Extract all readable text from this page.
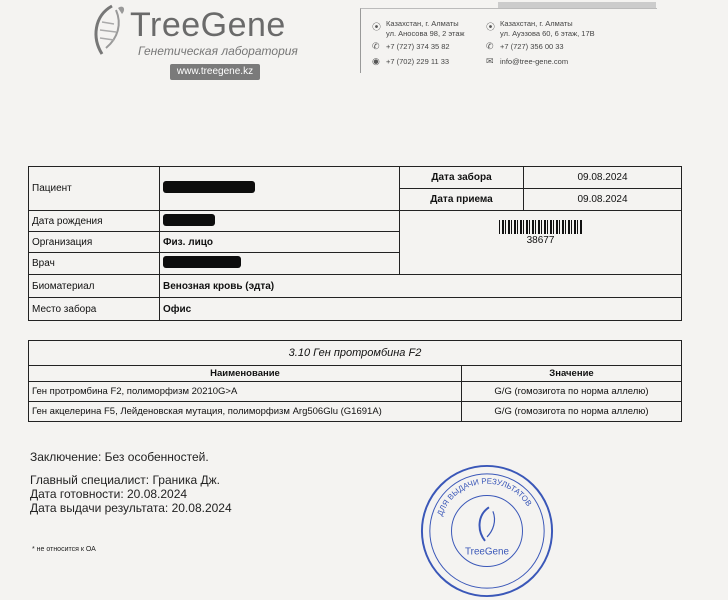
TreeGene
Генетическая лаборатория
www.treegene.kz
⦿ Казахстан, г. Алматы
ул. Аносова 98, 2 этаж
✆ +7 (727) 374 35 82
◉ +7 (702) 229 11 33
⦿ Казахстан, г. Алматы
ул. Ауэзова 60, 6 этаж, 17В
✆ +7 (727) 356 00 33
✉ info@tree-gene.com
Пациент		Дата забора	09.08.2024
		Дата приема	09.08.2024
Дата рождения		38677	

Организация	Физ. лицо		
Врач			
Биоматериал	Венозная кровь (эдта)		
Место забора	Офис		
3.10 Ген протромбина F2	
Наименование	Значение
Ген протромбина F2, полиморфизм 20210G>A	G/G (гомозигота по норма аллелю)
Ген акцелерина F5, Лейденовская мутация, полиморфизм Arg506Glu (G1691A)	G/G (гомозигота по норма аллелю)
Заключение: Без особенностей.
Главный специалист: Граника Дж.
Дата готовности: 20.08.2024
Дата выдачи результата: 20.08.2024
* не относится к ОА
ДЛЯ ВЫДАЧИ РЕЗУЛЬТАТОВ
TreeGene
